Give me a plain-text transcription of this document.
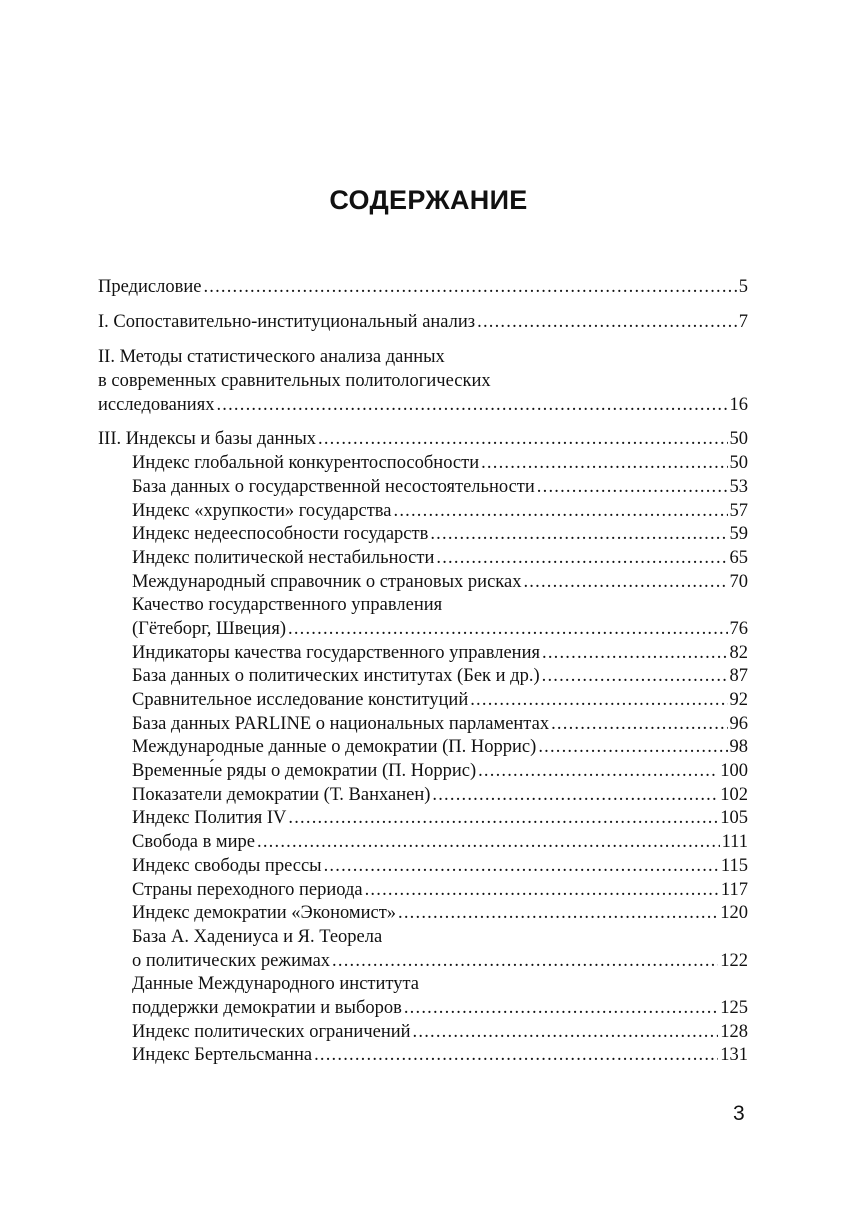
СОДЕРЖАНИЕ
Предисловие .....	5
I. Сопоставительно-институциональный анализ .....	7
II. Методы статистического анализа данных
в современных сравнительных политологических
исследованиях .....	16
III. Индексы и базы данных .....	50
Индекс глобальной конкурентоспособности .....	50
База данных о государственной несостоятельности .....	53
Индекс «хрупкости» государства .....	57
Индекс недееспособности государств .....	59
Индекс политической нестабильности .....	65
Международный справочник о страновых рисках .....	70
Качество государственного управления
(Гётеборг, Швеция) .....	76
Индикаторы качества государственного управления .....	82
База данных о политических институтах (Бек и др.) .....	87
Сравнительное исследование конституций .....	92
База данных PARLINE о национальных парламентах .....	96
Международные данные о демократии (П. Норрис) .....	98
Временны́е ряды о демократии (П. Норрис) .....	100
Показатели демократии (Т. Ванханен) .....	102
Индекс Полития IV .....	105
Свобода в мире .....	111
Индекс свободы прессы .....	115
Страны переходного периода .....	117
Индекс демократии «Экономист» .....	120
База А. Хадениуса и Я. Теорела
о политических режимах .....	122
Данные Международного института
поддержки демократии и выборов .....	125
Индекс политических ограничений .....	128
Индекс Бертельсманна .....	131
3
